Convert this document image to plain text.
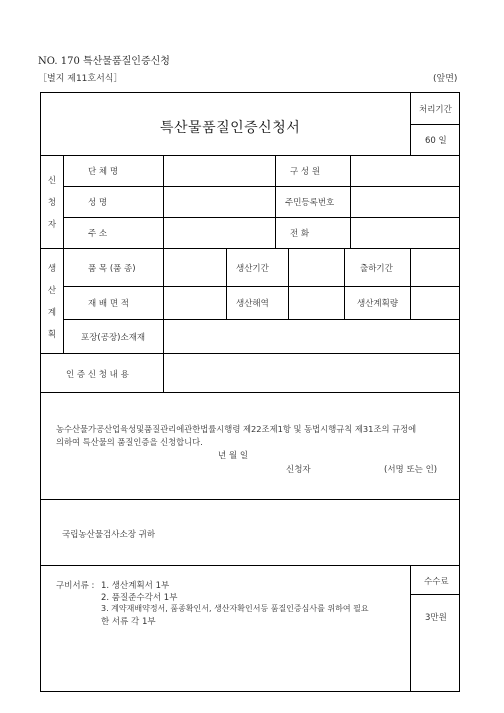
NO. 170 특산물품질인증신청
［별지 제11호서식］	(앞면)
특산물품질인증신청서
처리기간
60 일
신
청
자
생
산
계
획
단 체 명	구 성 원
성 명	주민등록번호
주 소	전 화
품 목 (품 종)	생산기간	출하기간
재 배 면 적	생산해역	생산계획량
포장(공장)소재재
인 증 신 청 내 용
농수산물가공산업육성및품질관리에관한법률시행령 제22조제1항 및 동법시행규칙 제31조의 규정에
의하여 특산물의 품질인증을 신청합니다.
년 월 일
신청자	(서명 또는 인)
국립농산물검사소장 귀하
구비서류 : 1. 생산계획서 1부
2. 품질준수각서 1부
3. 계약재배약정서, 품종확인서, 생산자확인서등 품질인증심사를 위하여 필요
한 서류 각 1부
수수료
3만원
